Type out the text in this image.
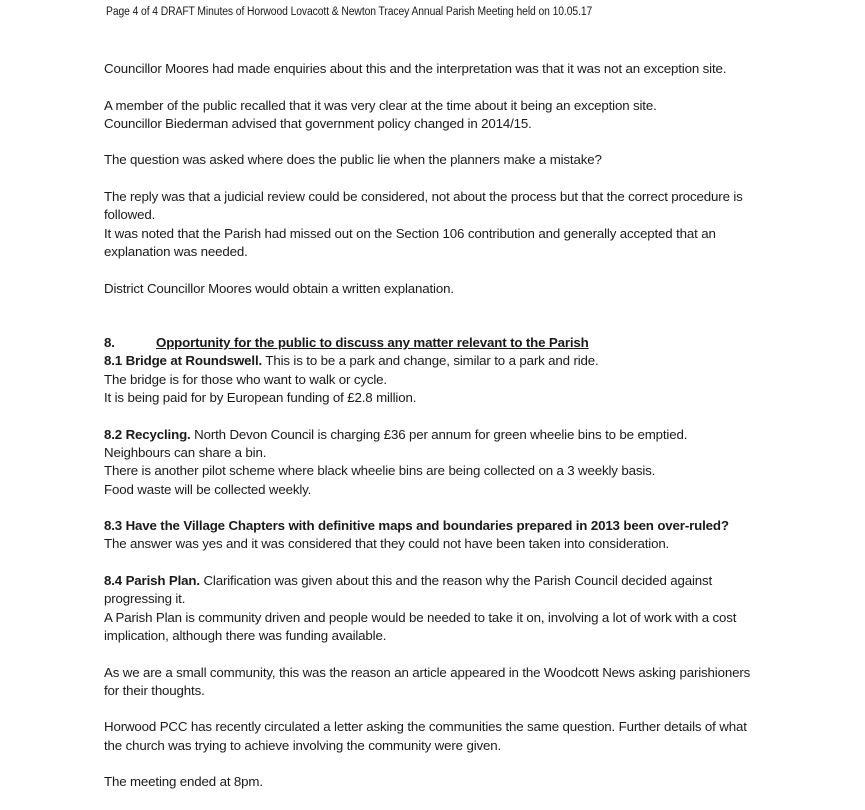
Page 4 of 4 DRAFT Minutes of Horwood Lovacott & Newton Tracey Annual Parish Meeting held on 10.05.17

Councillor Moores had made enquiries about this and the interpretation was that it was not an exception site.

A member of the public recalled that it was very clear at the time about it being an exception site.
Councillor Biederman advised that government policy changed in 2014/15.

The question was asked where does the public lie when the planners make a mistake?

The reply was that a judicial review could be considered, not about the process but that the correct procedure is
followed.
It was noted that the Parish had missed out on the Section 106 contribution and generally accepted that an
explanation was needed.

District Councillor Moores would obtain a written explanation.

8.	Opportunity for the public to discuss any matter relevant to the Parish

8.1 Bridge at Roundswell. This is to be a park and change, similar to a park and ride.
The bridge is for those who want to walk or cycle.
It is being paid for by European funding of £2.8 million.

8.2 Recycling. North Devon Council is charging £36 per annum for green wheelie bins to be emptied.
Neighbours can share a bin.
There is another pilot scheme where black wheelie bins are being collected on a 3 weekly basis.
Food waste will be collected weekly.

8.3 Have the Village Chapters with definitive maps and boundaries prepared in 2013 been over-ruled?
The answer was yes and it was considered that they could not have been taken into consideration.

8.4 Parish Plan. Clarification was given about this and the reason why the Parish Council decided against
progressing it.
A Parish Plan is community driven and people would be needed to take it on, involving a lot of work with a cost
implication, although there was funding available.

As we are a small community, this was the reason an article appeared in the Woodcott News asking parishioners
for their thoughts.

Horwood PCC has recently circulated a letter asking the communities the same question. Further details of what
the church was trying to achieve involving the community were given.

The meeting ended at 8pm.
